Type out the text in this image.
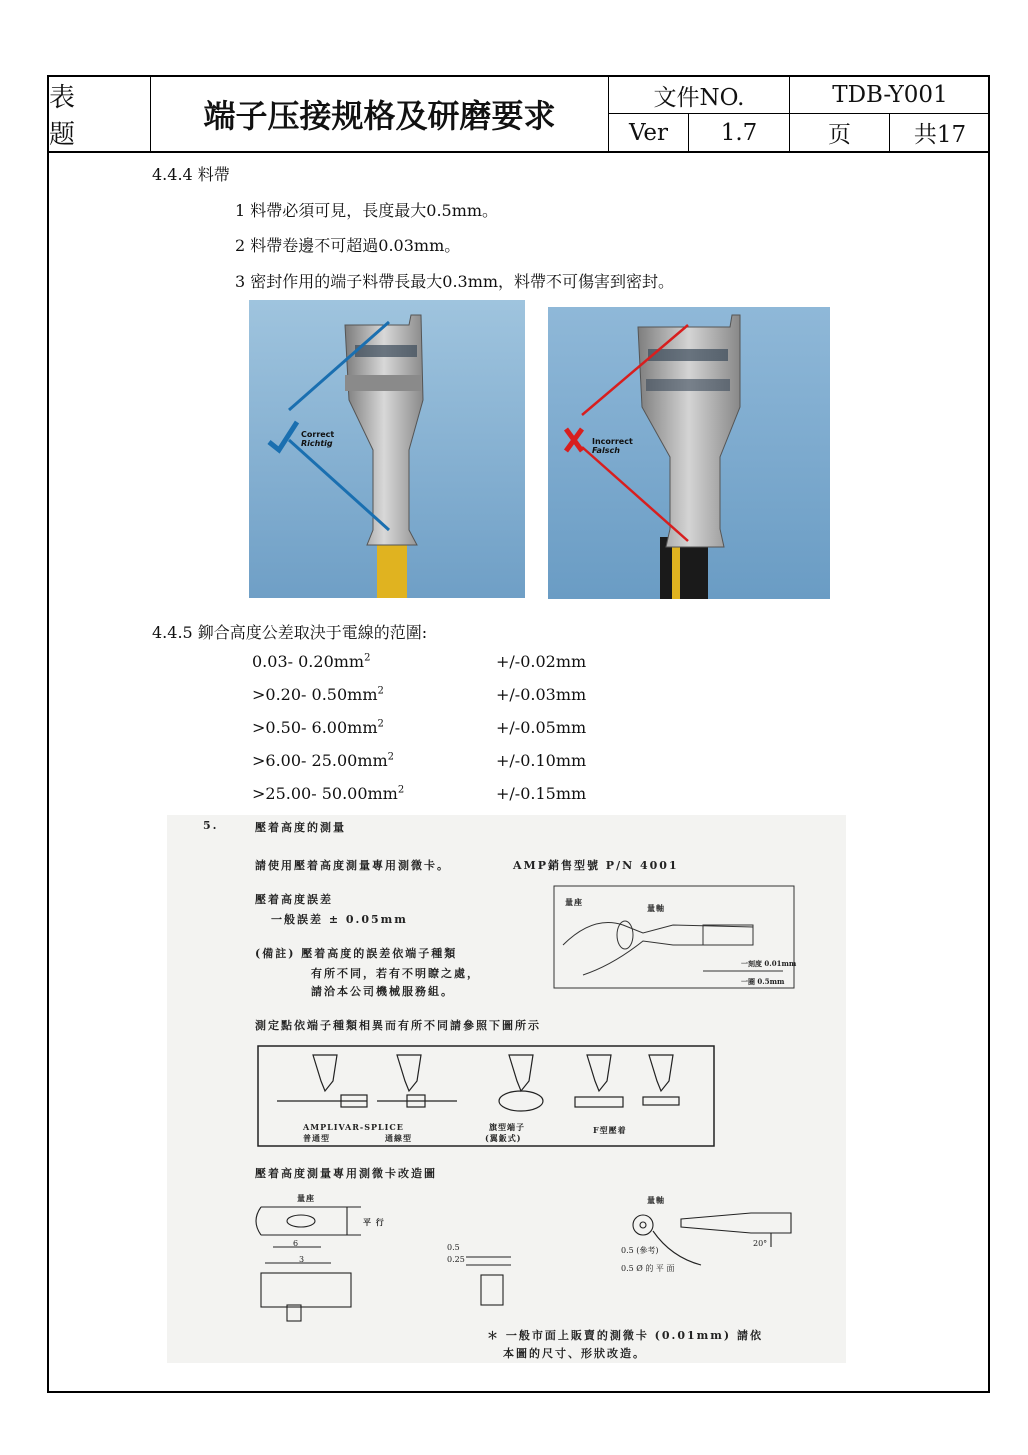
表 题	端子压接规格及研磨要求	文件NO.	TDB-Y001
Ver	1.7	页	共17
4.4.4 料帶
1 料帶必須可見，長度最大0.5mm。
2 料帶卷邊不可超過0.03mm。
3 密封作用的端子料帶長最大0.3mm，料帶不可傷害到密封。
Correct
Richtig	Incorrect
Falsch
4.4.5 鉚合高度公差取決于電線的范圍:
0.03- $0.20mm^2$	+/-0.02mm
>0.20- $0.50mm^2$	+/-0.03mm
>0.50- $6.00mm^2$	+/-0.05mm
>6.00- $25.00mm^2$	+/-0.10mm
>25.00- $50.00mm^2$	+/-0.15mm
5.	壓着高度的測量
請使用壓着高度測量專用測微卡。	AMP銷售型號 P/N 4001
壓着高度誤差
一般誤差 ± 0.05mm
(備註) 壓着高度的誤差依端子種類
有所不同，若有不明瞭之處，
請洽本公司機械服務組。
量座
量軸
一刻度 0.01mm
一圈 0.5mm
測定點依端子種類相異而有所不同請參照下圖所示
AMPLIVAR-SPLICE
普通型	通線型
旗型端子
(翼鈑式)
F型壓着
壓着高度測量專用測微卡改造圖
量座	量軸
平 行
6
3
0.5
0.25
0.5 (參考)
0.5 Ø 的 平 面
20°
＊ 一般市面上販賣的測微卡 (0.01mm) 請依
本圖的尺寸、形狀改造。
